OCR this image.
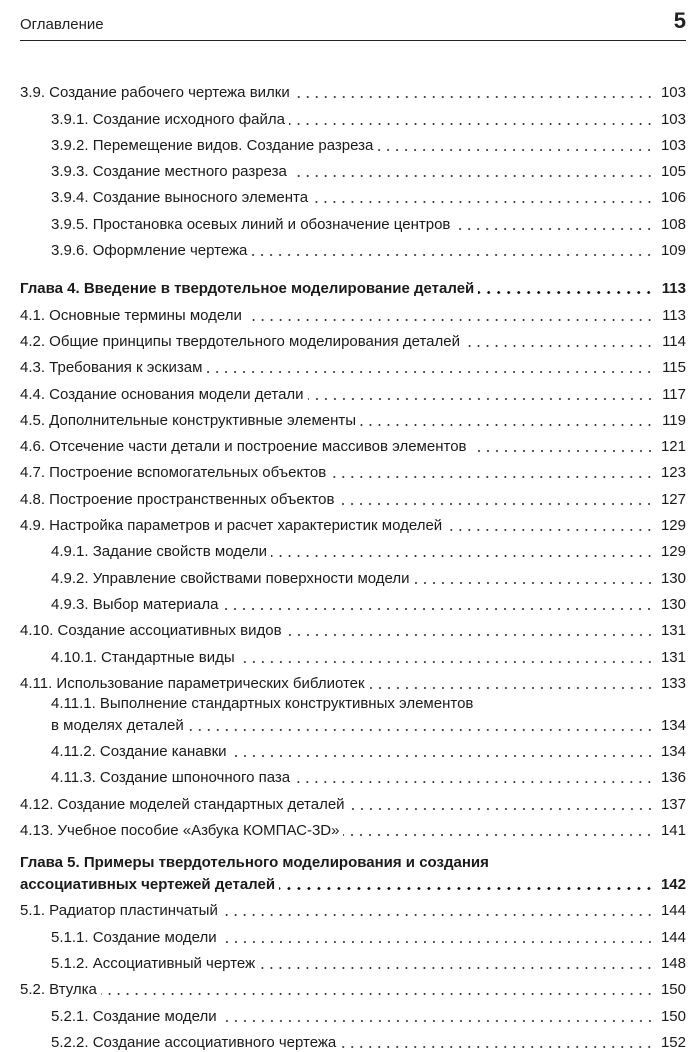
Оглавление	5
3.9. Создание рабочего чертежа вилки	103
3.9.1. Создание исходного файла	103
3.9.2. Перемещение видов. Создание разреза	103
3.9.3. Создание местного разреза	105
3.9.4. Создание выносного элемента	106
3.9.5. Простановка осевых линий и обозначение центров	108
3.9.6. Оформление чертежа	109
Глава 4. Введение в твердотельное моделирование деталей	113
4.1. Основные термины модели	113
4.2. Общие принципы твердотельного моделирования деталей	114
4.3. Требования к эскизам	115
4.4. Создание основания модели детали	117
4.5. Дополнительные конструктивные элементы	119
4.6. Отсечение части детали и построение массивов элементов	121
4.7. Построение вспомогательных объектов	123
4.8. Построение пространственных объектов	127
4.9. Настройка параметров и расчет характеристик моделей	129
4.9.1. Задание свойств модели	129
4.9.2. Управление свойствами поверхности модели	130
4.9.3. Выбор материала	130
4.10. Создание ассоциативных видов	131
4.10.1. Стандартные виды	131
4.11. Использование параметрических библиотек	133
4.11.1. Выполнение стандартных конструктивных элементов
в моделях деталей	134
4.11.2. Создание канавки	134
4.11.3. Создание шпоночного паза	136
4.12. Создание моделей стандартных деталей	137
4.13. Учебное пособие «Азбука КОМПАС-3D»	141
Глава 5. Примеры твердотельного моделирования и создания
ассоциативных чертежей деталей	142
5.1. Радиатор пластинчатый	144
5.1.1. Создание модели	144
5.1.2. Ассоциативный чертеж	148
5.2. Втулка	150
5.2.1. Создание модели	150
5.2.2. Создание ассоциативного чертежа	152
